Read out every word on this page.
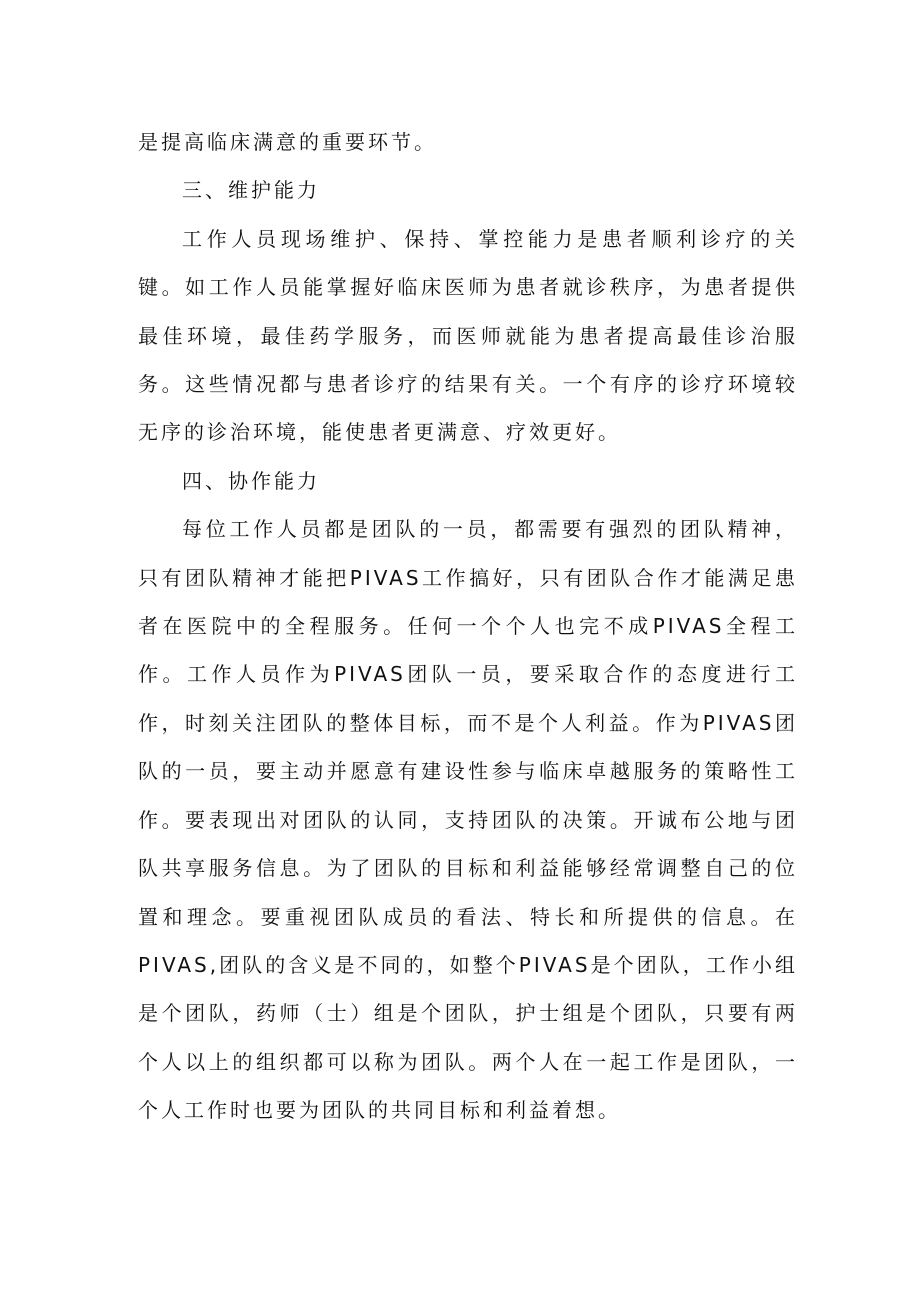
是提高临床满意的重要环节。

三、维护能力

工作人员现场维护、保持、掌控能力是患者顺利诊疗的关键。如工作人员能掌握好临床医师为患者就诊秩序，为患者提供最佳环境，最佳药学服务，而医师就能为患者提高最佳诊治服务。这些情况都与患者诊疗的结果有关。一个有序的诊疗环境较无序的诊治环境，能使患者更满意、疗效更好。

四、协作能力

每位工作人员都是团队的一员，都需要有强烈的团队精神，只有团队精神才能把PIVAS工作搞好，只有团队合作才能满足患者在医院中的全程服务。任何一个个人也完不成PIVAS全程工作。工作人员作为PIVAS团队一员，要采取合作的态度进行工作，时刻关注团队的整体目标，而不是个人利益。作为PIVAS团队的一员，要主动并愿意有建设性参与临床卓越服务的策略性工作。要表现出对团队的认同，支持团队的决策。开诚布公地与团队共享服务信息。为了团队的目标和利益能够经常调整自己的位置和理念。要重视团队成员的看法、特长和所提供的信息。在PIVAS,团队的含义是不同的，如整个PIVAS是个团队，工作小组是个团队，药师（士）组是个团队，护士组是个团队，只要有两个人以上的组织都可以称为团队。两个人在一起工作是团队，一个人工作时也要为团队的共同目标和利益着想。
